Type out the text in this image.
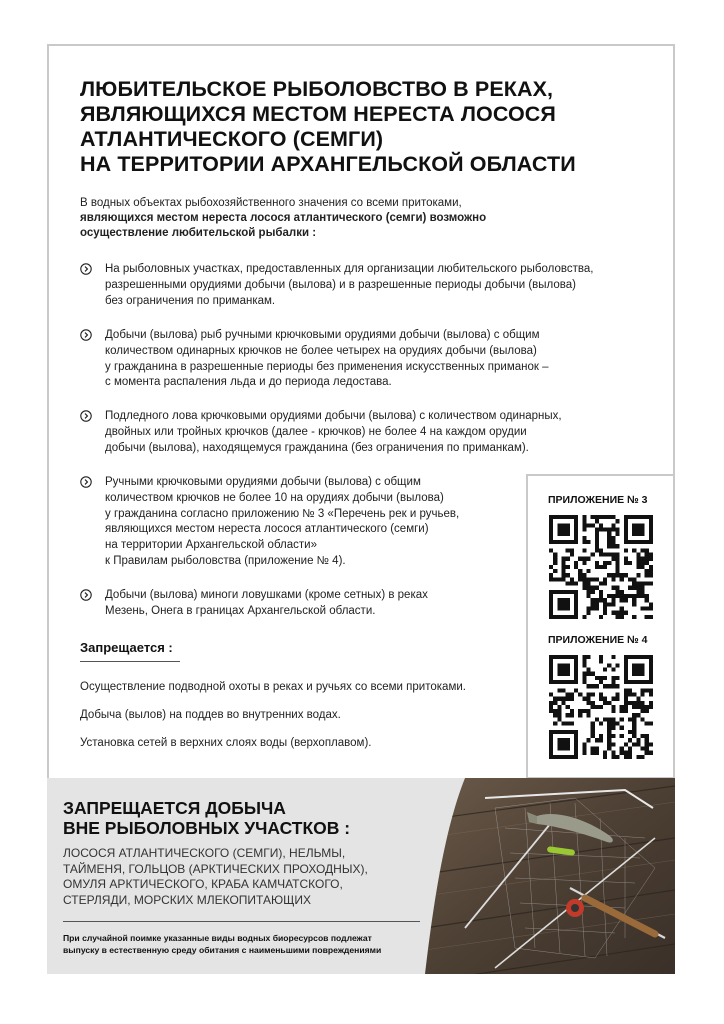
ЛЮБИТЕЛЬСКОЕ РЫБОЛОВСТВО В РЕКАХ,
ЯВЛЯЮЩИХСЯ МЕСТОМ НЕРЕСТА ЛОСОСЯ
АТЛАНТИЧЕСКОГО (СЕМГИ)
НА ТЕРРИТОРИИ АРХАНГЕЛЬСКОЙ ОБЛАСТИ
В водных объектах рыбохозяйственного значения со всеми притоками,
являющихся местом нереста лосося атлантического (семги) возможно
осуществление любительской рыбалки :
На рыболовных участках, предоставленных для организации любительского рыболовства,
разрешенными орудиями добычи (вылова) и в разрешенные периоды добычи (вылова)
без ограничения по приманкам.
Добычи (вылова) рыб ручными крючковыми орудиями добычи (вылова) с общим
количеством одинарных крючков не более четырех на орудиях добычи (вылова)
у гражданина в разрешенные периоды без применения искусственных приманок –
с момента распаления льда и до периода ледостава.
Подледного лова крючковыми орудиями добычи (вылова) с количеством одинарных,
двойных или тройных крючков (далее - крючков) не более 4 на каждом орудии
добычи (вылова), находящемуся гражданина (без ограничения по приманкам).
Ручными крючковыми орудиями добычи (вылова) с общим
количеством крючков не более 10 на орудиях добычи (вылова)
у гражданина согласно приложению № 3 «Перечень рек и ручьев,
являющихся местом нереста лосося атлантического (семги)
на территории Архангельской области»
к Правилам рыболовства (приложение № 4).
Добычи (вылова) миноги ловушками (кроме сетных) в реках
Мезень, Онега в границах Архангельской области.
Запрещается :
Осуществление подводной охоты в реках и ручьях со всеми притоками.
Добыча (вылов) на поддев во внутренних водах.
Установка сетей в верхних слоях воды (верхоплавом).
ПРИЛОЖЕНИЕ № 3
ПРИЛОЖЕНИЕ № 4
ЗАПРЕЩАЕТСЯ ДОБЫЧА
ВНЕ РЫБОЛОВНЫХ УЧАСТКОВ :
ЛОСОСЯ АТЛАНТИЧЕСКОГО (СЕМГИ), НЕЛЬМЫ,
ТАЙМЕНЯ, ГОЛЬЦОВ (АРКТИЧЕСКИХ ПРОХОДНЫХ),
ОМУЛЯ АРКТИЧЕСКОГО, КРАБА КАМЧАТСКОГО,
СТЕРЛЯДИ, МОРСКИХ МЛЕКОПИТАЮЩИХ
При случайной поимке указанные виды водных биоресурсов подлежат
выпуску в естественную среду обитания с наименьшими повреждениями
